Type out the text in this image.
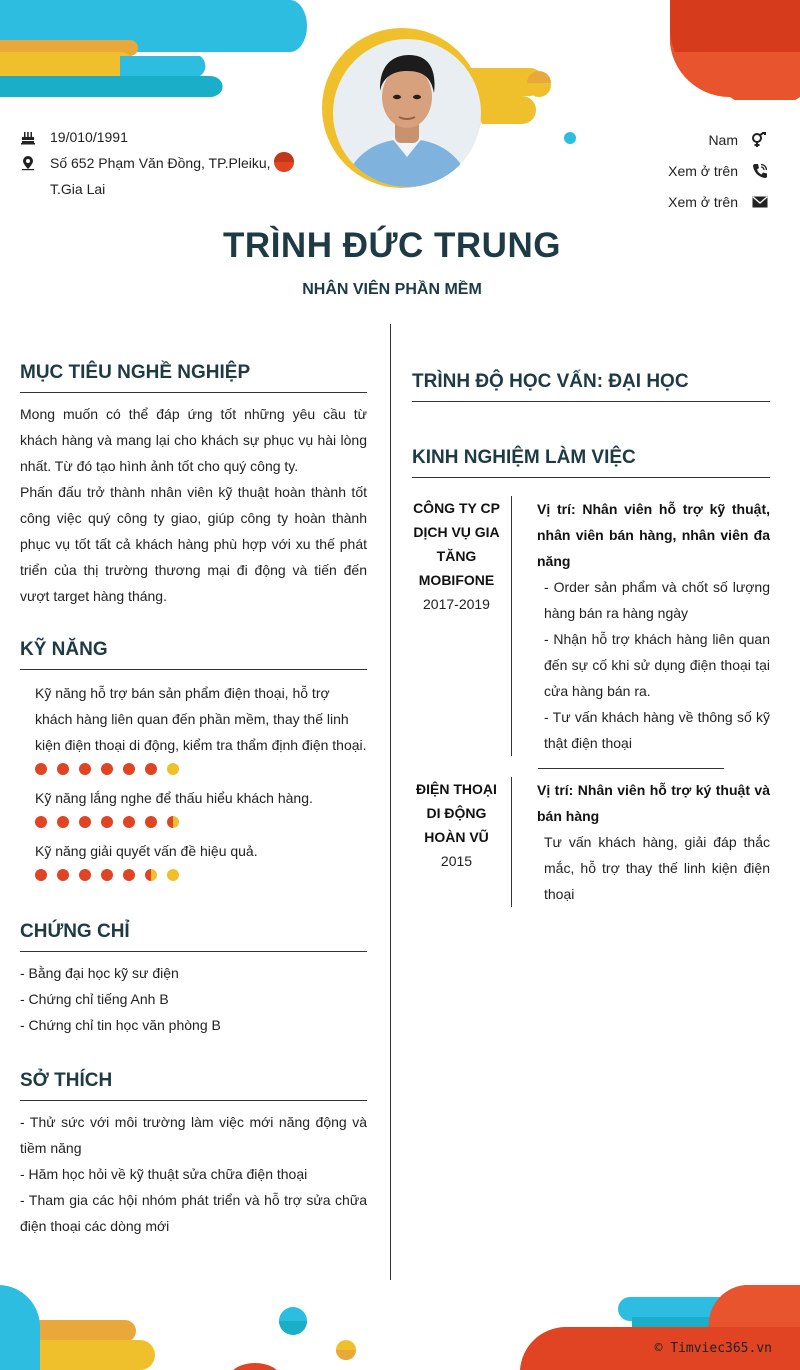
19/010/1991
Số 652 Phạm Văn Đồng, TP.Pleiku, T.Gia Lai
Nam
Xem ở trên
Xem ở trên
TRÌNH ĐỨC TRUNG
NHÂN VIÊN PHẦN MỀM
MỤC TIÊU NGHỀ NGHIỆP
Mong muốn có thể đáp ứng tốt những yêu cầu từ khách hàng và mang lại cho khách sự phục vụ hài lòng nhất. Từ đó tạo hình ảnh tốt cho quý công ty.
Phấn đấu trở thành nhân viên kỹ thuật hoàn thành tốt công việc quý công ty giao, giúp công ty hoàn thành phục vụ tốt tất cả khách hàng phù hợp với xu thế phát triển của thị trường thương mại đi động và tiến đến vượt target hàng tháng.
KỸ NĂNG
Kỹ năng hỗ trợ bán sản phẩm điện thoại, hỗ trợ khách hàng liên quan đến phần mềm, thay thế linh kiện điện thoại di động, kiểm tra thẩm định điện thoại.
Kỹ năng lắng nghe để thấu hiểu khách hàng.
Kỹ năng giải quyết vấn đề hiệu quả.
CHỨNG CHỈ
- Bằng đại học kỹ sư điện
- Chứng chỉ tiếng Anh B
- Chứng chỉ tin học văn phòng B
SỞ THÍCH
- Thử sức với môi trường làm việc mới năng động và tiềm năng
- Hăm học hỏi về kỹ thuật sửa chữa điện thoại
- Tham gia các hội nhóm phát triển và hỗ trợ sửa chữa điện thoại các dòng mới
TRÌNH ĐỘ HỌC VẤN: ĐẠI HỌC
KINH NGHIỆM LÀM VIỆC
CÔNG TY CP DỊCH VỤ GIA TĂNG MOBIFONE
2017-2019
Vị trí: Nhân viên hỗ trợ kỹ thuật, nhân viên bán hàng, nhân viên đa năng
- Order sản phẩm và chốt số lượng hàng bán ra hàng ngày
- Nhận hỗ trợ khách hàng liên quan đến sự cố khi sử dụng điện thoại tại cửa hàng bán ra.
- Tư vấn khách hàng về thông số kỹ thật điện thoại
ĐIỆN THOẠI DI ĐỘNG HOÀN VŨ
2015
Vị trí: Nhân viên hỗ trợ ký thuật và bán hàng
Tư vấn khách hàng, giải đáp thắc mắc, hỗ trợ thay thế linh kiện điện thoại
© Timviec365.vn
